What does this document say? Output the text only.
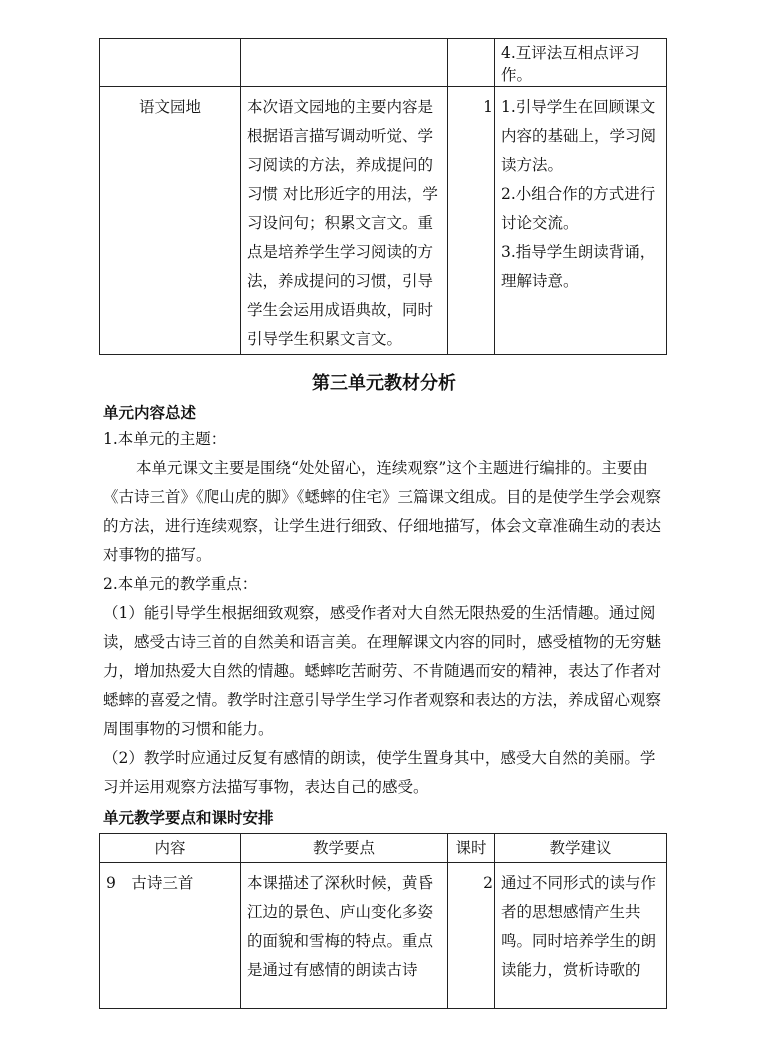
			4.互评法互相点评习作。

语文园地	本次语文园地的主要内容是根据语言描写调动听觉、学习阅读的方法，养成提问的习惯 对比形近字的用法，学习设问句；积累文言文。重点是培养学生学习阅读的方法，养成提问的习惯，引导学生会运用成语典故，同时引导学生积累文言文。	1	1.引导学生在回顾课文内容的基础上，学习阅读方法。
2.小组合作的方式进行讨论交流。
3.指导学生朗读背诵，理解诗意。
第三单元教材分析
单元内容总述
1.本单元的主题：
本单元课文主要是围绕“处处留心，连续观察”这个主题进行编排的。主要由《古诗三首》《爬山虎的脚》《蟋蟀的住宅》三篇课文组成。目的是使学生学会观察的方法，进行连续观察，让学生进行细致、仔细地描写，体会文章准确生动的表达对事物的描写。
2.本单元的教学重点：
（1）能引导学生根据细致观察，感受作者对大自然无限热爱的生活情趣。通过阅读，感受古诗三首的自然美和语言美。在理解课文内容的同时，感受植物的无穷魅力，增加热爱大自然的情趣。蟋蟀吃苦耐劳、不肯随遇而安的精神，表达了作者对蟋蟀的喜爱之情。教学时注意引导学生学习作者观察和表达的方法，养成留心观察周围事物的习惯和能力。
（2）教学时应通过反复有感情的朗读，使学生置身其中，感受大自然的美丽。学习并运用观察方法描写事物，表达自己的感受。
单元教学要点和课时安排
内容	教学要点	课时	教学建议

9　古诗三首	本课描述了深秋时候，黄昏江边的景色、庐山变化多姿的面貌和雪梅的特点。重点是通过有感情的朗读古诗	2	通过不同形式的读与作者的思想感情产生共鸣。同时培养学生的朗读能力，赏析诗歌的
